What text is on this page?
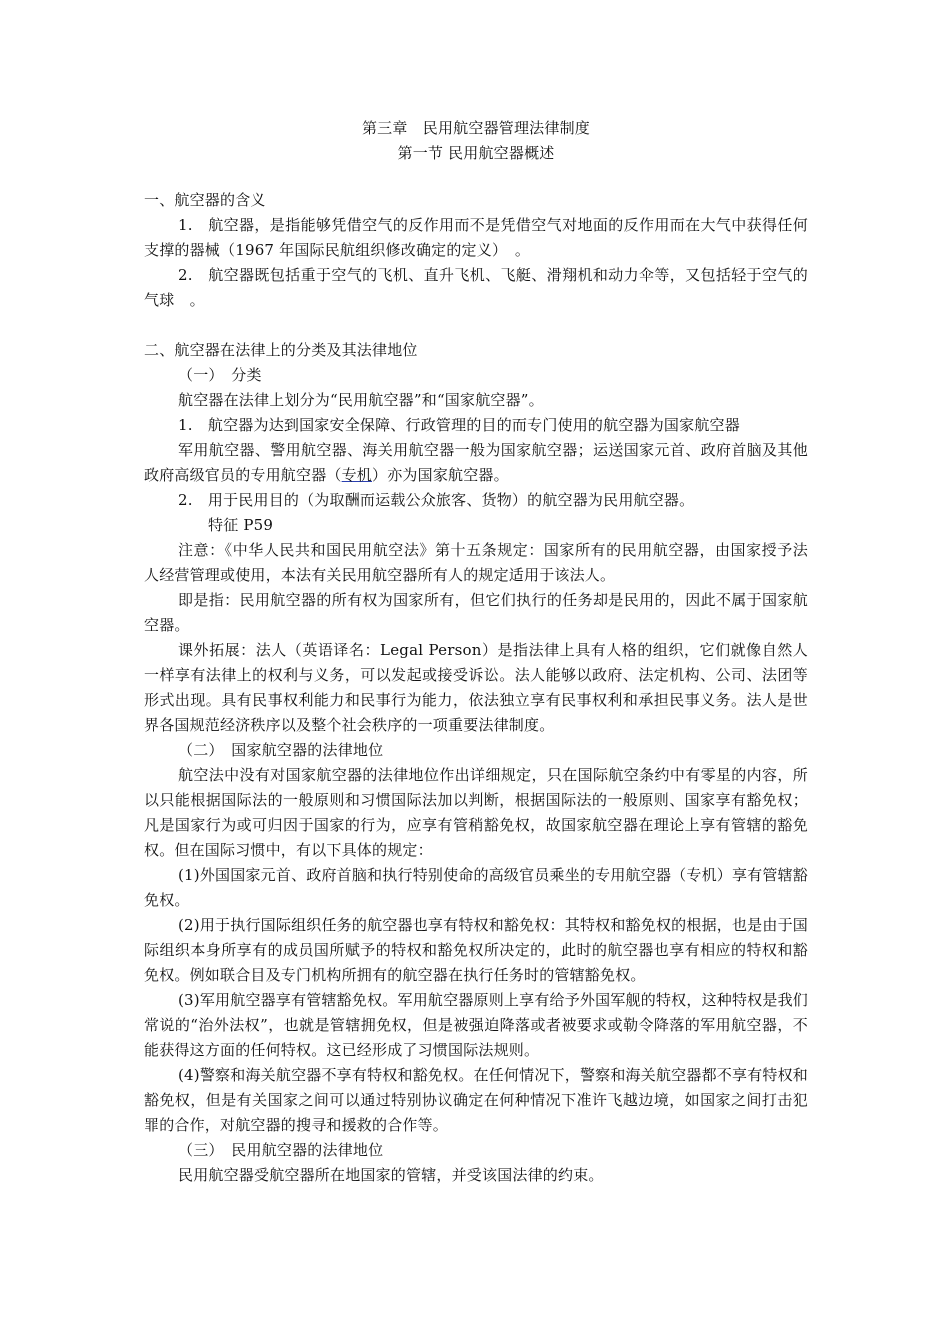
第三章　民用航空器管理法律制度

第一节 民用航空器概述

一、航空器的含义

1.　航空器，是指能够凭借空气的反作用而不是凭借空气对地面的反作用而在大气中获得任何支撑的器械（1967 年国际民航组织修改确定的定义）　。

2.　航空器既包括重于空气的飞机、直升飞机、飞艇、滑翔机和动力伞等，又包括轻于空气的气球　。

二、航空器在法律上的分类及其法律地位

（一）　分类

航空器在法律上划分为“民用航空器”和“国家航空器”。

1.　航空器为达到国家安全保障、行政管理的目的而专门使用的航空器为国家航空器

军用航空器、警用航空器、海关用航空器一般为国家航空器；运送国家元首、政府首脑及其他政府高级官员的专用航空器（专机）亦为国家航空器。

2.　用于民用目的（为取酬而运载公众旅客、货物）的航空器为民用航空器。

特征 P59

注意：《中华人民共和国民用航空法》第十五条规定：国家所有的民用航空器，由国家授予法人经营管理或使用，本法有关民用航空器所有人的规定适用于该法人。

即是指：民用航空器的所有权为国家所有，但它们执行的任务却是民用的，因此不属于国家航空器。

课外拓展：法人（英语译名：Legal Person）是指法律上具有人格的组织，它们就像自然人一样享有法律上的权利与义务，可以发起或接受诉讼。法人能够以政府、法定机构、公司、法团等形式出现。具有民事权利能力和民事行为能力，依法独立享有民事权利和承担民事义务。法人是世界各国规范经济秩序以及整个社会秩序的一项重要法律制度。

（二）　国家航空器的法律地位

航空法中没有对国家航空器的法律地位作出详细规定，只在国际航空条约中有零星的内容，所以只能根据国际法的一般原则和习惯国际法加以判断，根据国际法的一般原则、国家享有豁免权；凡是国家行为或可归因于国家的行为，应享有管稍豁免权，故国家航空器在理论上享有管辖的豁免权。但在国际习惯中，有以下具体的规定：

(1)外国国家元首、政府首脑和执行特别使命的高级官员乘坐的专用航空器（专机）享有管辖豁免权。

(2)用于执行国际组织任务的航空器也享有特权和豁免权：其特权和豁免权的根据，也是由于国际组织本身所享有的成员国所赋予的特权和豁免权所决定的，此时的航空器也享有相应的特权和豁免权。例如联合目及专门机构所拥有的航空器在执行任务时的管辖豁免权。

(3)军用航空器享有管辖豁免权。军用航空器原则上享有给予外国军舰的特权，这种特权是我们常说的“治外法权”，也就是管辖拥免权，但是被强迫降落或者被要求或勒令降落的军用航空器，不能获得这方面的任何特权。这已经形成了习惯国际法规则。

(4)警察和海关航空器不享有特权和豁免权。在任何情况下，警察和海关航空器都不享有特权和豁免权，但是有关国家之间可以通过特别协议确定在何种情况下准许飞越边境，如国家之间打击犯罪的合作，对航空器的搜寻和援救的合作等。

（三）　民用航空器的法律地位

民用航空器受航空器所在地国家的管辖，并受该国法律的约束。
